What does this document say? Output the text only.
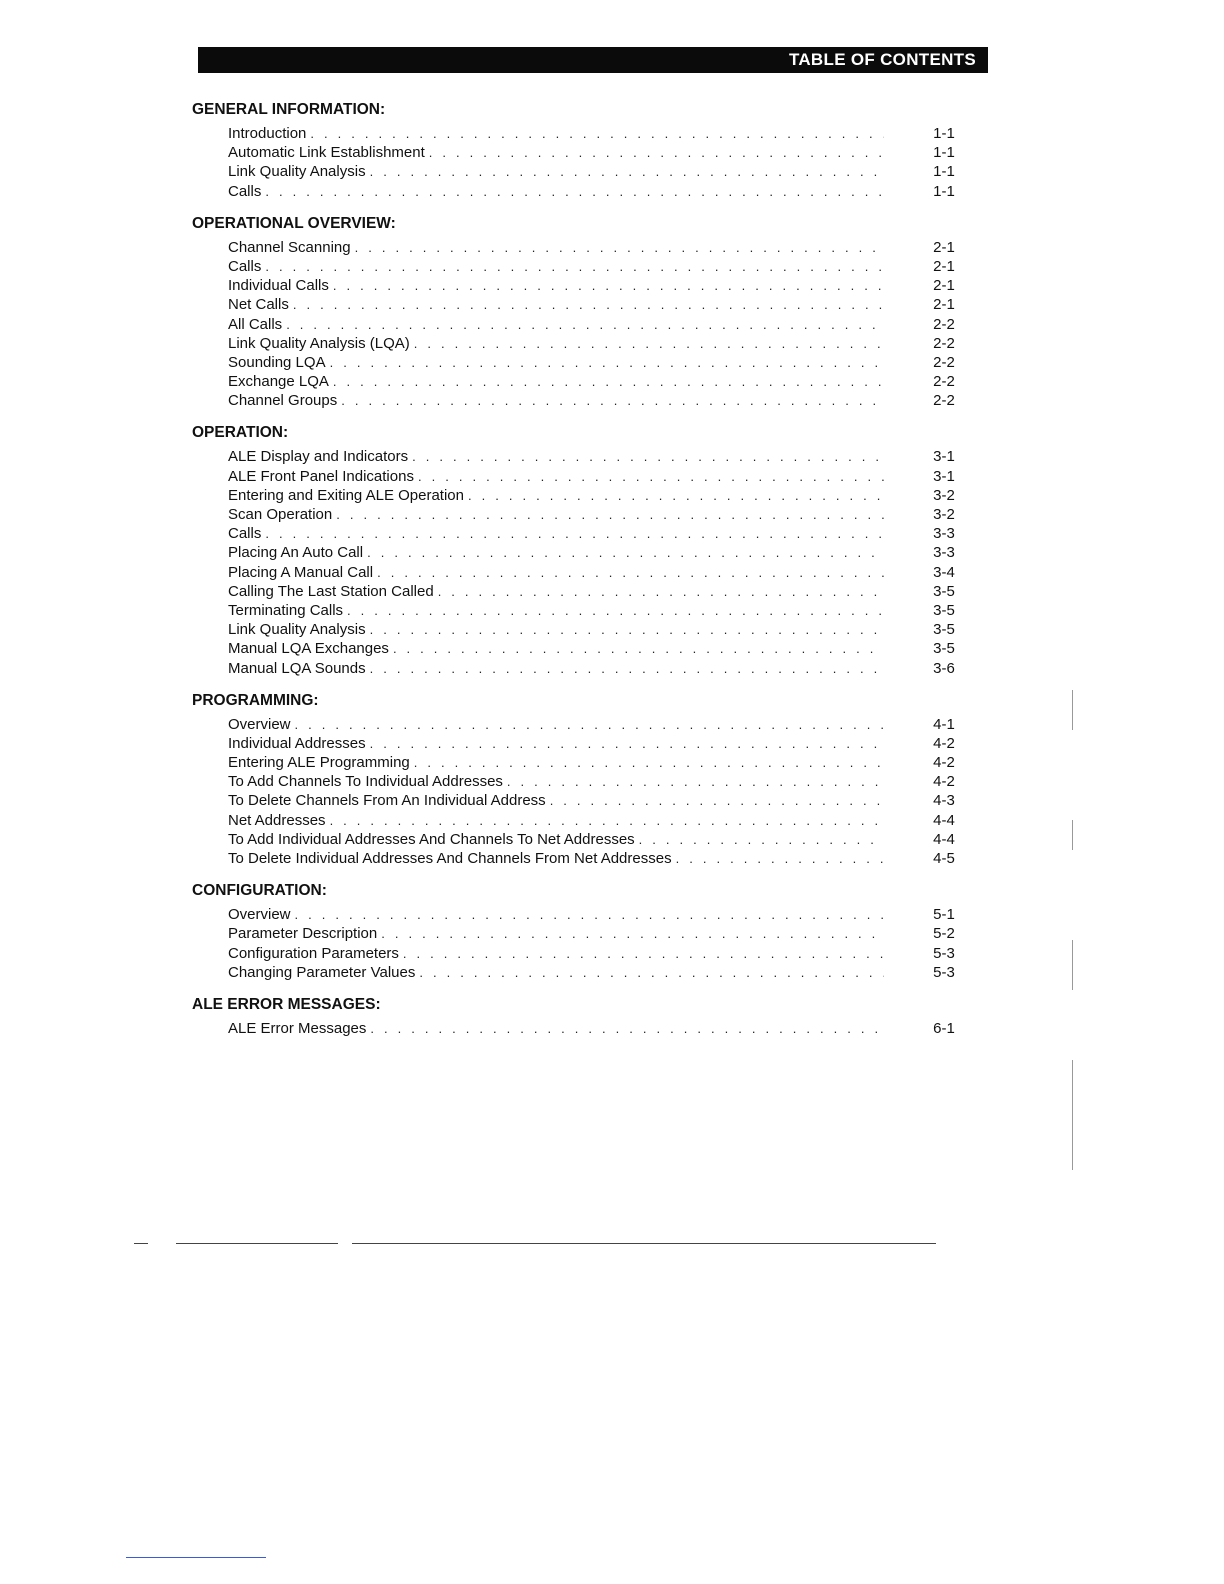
TABLE OF CONTENTS
GENERAL INFORMATION:
Introduction . . .	1-1
Automatic Link Establishment . . .	1-1
Link Quality Analysis . . .	1-1
Calls . . .	1-1
OPERATIONAL OVERVIEW:
Channel Scanning . . .	2-1
Calls . . .	2-1
Individual Calls . . .	2-1
Net Calls . . .	2-1
All Calls . . .	2-2
Link Quality Analysis (LQA) . . .	2-2
Sounding LQA . . .	2-2
Exchange LQA . . .	2-2
Channel Groups . . .	2-2
OPERATION:
ALE Display and Indicators . . .	3-1
ALE Front Panel Indications . . .	3-1
Entering and Exiting ALE Operation . . .	3-2
Scan Operation . . .	3-2
Calls . . .	3-3
Placing An Auto Call . . .	3-3
Placing A Manual Call . . .	3-4
Calling The Last Station Called . . .	3-5
Terminating Calls . . .	3-5
Link Quality Analysis . . .	3-5
Manual LQA Exchanges . . .	3-5
Manual LQA Sounds . . .	3-6
PROGRAMMING:
Overview . . .	4-1
Individual Addresses . . .	4-2
Entering ALE Programming . . .	4-2
To Add Channels To Individual Addresses . . .	4-2
To Delete Channels From An Individual Address . . .	4-3
Net Addresses . . .	4-4
To Add Individual Addresses And Channels To Net Addresses . . .	4-4
To Delete Individual Addresses And Channels From Net Addresses . . .	4-5
CONFIGURATION:
Overview . . .	5-1
Parameter Description . . .	5-2
Configuration Parameters . . .	5-3
Changing Parameter Values . . .	5-3
ALE ERROR MESSAGES:
ALE Error Messages . . .	6-1
